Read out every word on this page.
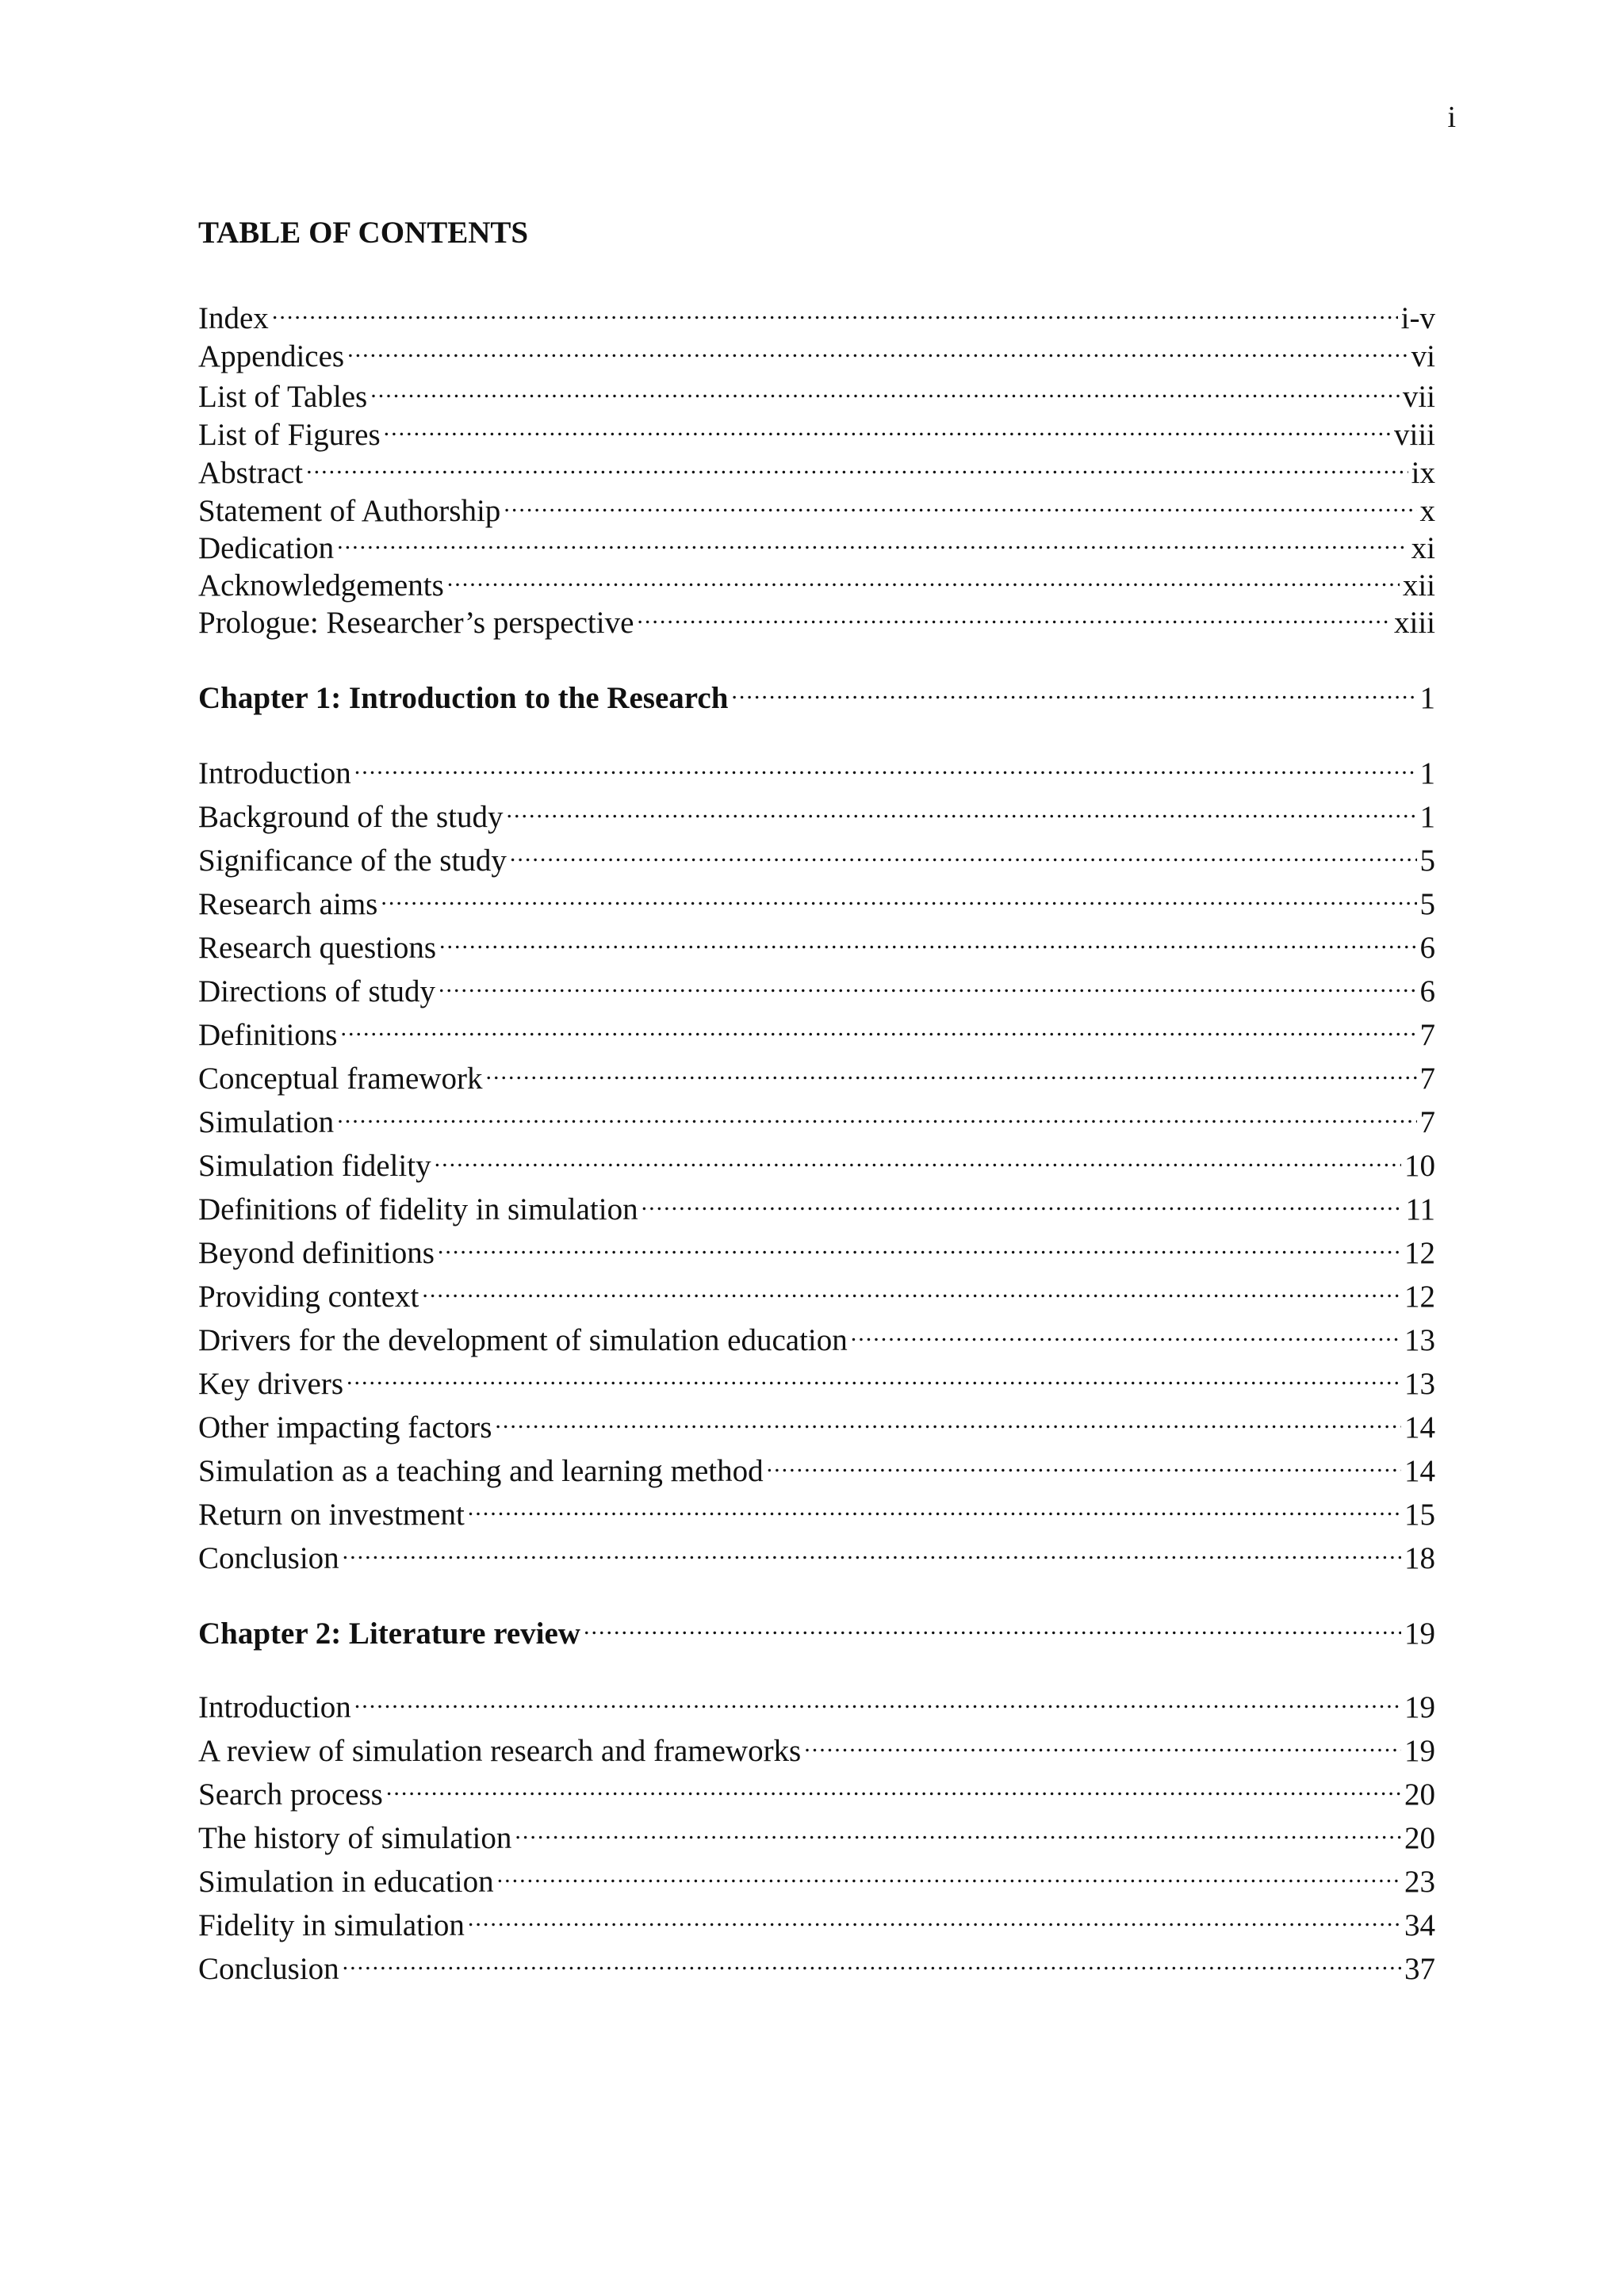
i
TABLE OF CONTENTS
Index .....	i-v
Appendices .....	vi
List of Tables .....	vii
List of Figures .....	viii
Abstract .....	ix
Statement of Authorship .....	x
Dedication .....	xi
Acknowledgements .....	xii
Prologue: Researcher’s perspective .....	xiii
Chapter 1: Introduction to the Research .....	1
Introduction .....	1
Background of the study .....	1
Significance of the study .....	5
Research aims .....	5
Research questions .....	6
Directions of study .....	6
Definitions .....	7
Conceptual framework .....	7
Simulation .....	7
Simulation fidelity .....	10
Definitions of fidelity in simulation .....	11
Beyond definitions .....	12
Providing context .....	12
Drivers for the development of simulation education .....	13
Key drivers .....	13
Other impacting factors .....	14
Simulation as a teaching and learning method .....	14
Return on investment .....	15
Conclusion .....	18
Chapter 2: Literature review .....	19
Introduction .....	19
A review of simulation research and frameworks .....	19
Search process .....	20
The history of simulation .....	20
Simulation in education .....	23
Fidelity in simulation .....	34
Conclusion .....	37
